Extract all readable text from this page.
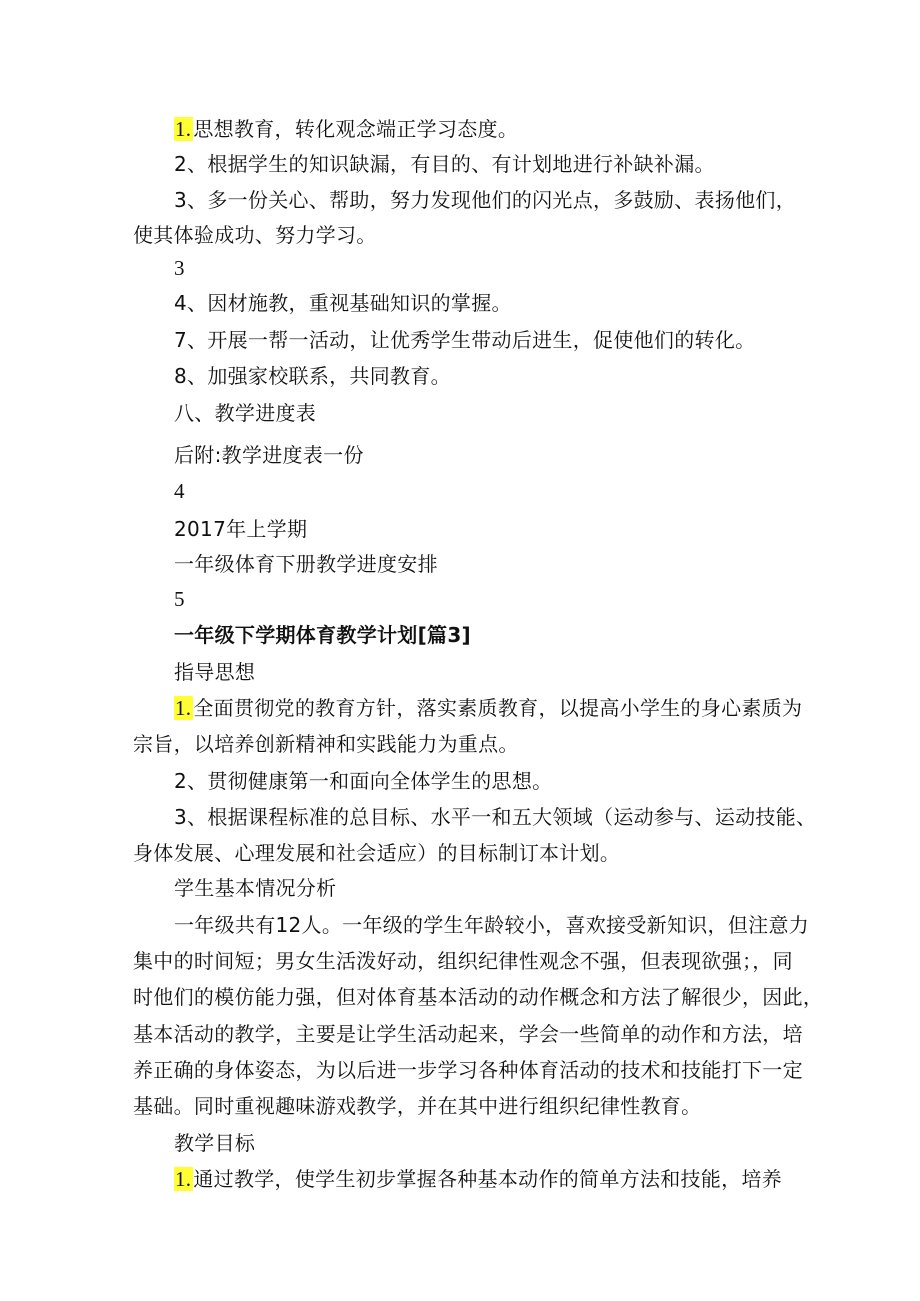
1. 思想教育，转化观念端正学习态度。
2、根据学生的知识缺漏，有目的、有计划地进行补缺补漏。
3、多一份关心、帮助，努力发现他们的闪光点，多鼓励、表扬他们，
使其体验成功、努力学习。
3
4、因材施教，重视基础知识的掌握。
7、开展一帮一活动，让优秀学生带动后进生，促使他们的转化。
8、加强家校联系，共同教育。
八、教学进度表
后附:教学进度表一份
4
2017年上学期
一年级体育下册教学进度安排
5
一年级下学期体育教学计划[篇3]
指导思想
1. 全面贯彻党的教育方针，落实素质教育，以提高小学生的身心素质为
宗旨，以培养创新精神和实践能力为重点。
2、贯彻健康第一和面向全体学生的思想。
3、根据课程标准的总目标、水平一和五大领域（运动参与、运动技能、
身体发展、心理发展和社会适应）的目标制订本计划。
学生基本情况分析
一年级共有12人。一年级的学生年龄较小，喜欢接受新知识，但注意力
集中的时间短；男女生活泼好动，组织纪律性观念不强，但表现欲强；，同
时他们的模仿能力强，但对体育基本活动的动作概念和方法了解很少，因此，
基本活动的教学，主要是让学生活动起来，学会一些简单的动作和方法，培
养正确的身体姿态，为以后进一步学习各种体育活动的技术和技能打下一定
基础。同时重视趣味游戏教学，并在其中进行组织纪律性教育。
教学目标
1. 通过教学，使学生初步掌握各种基本动作的简单方法和技能，培养
